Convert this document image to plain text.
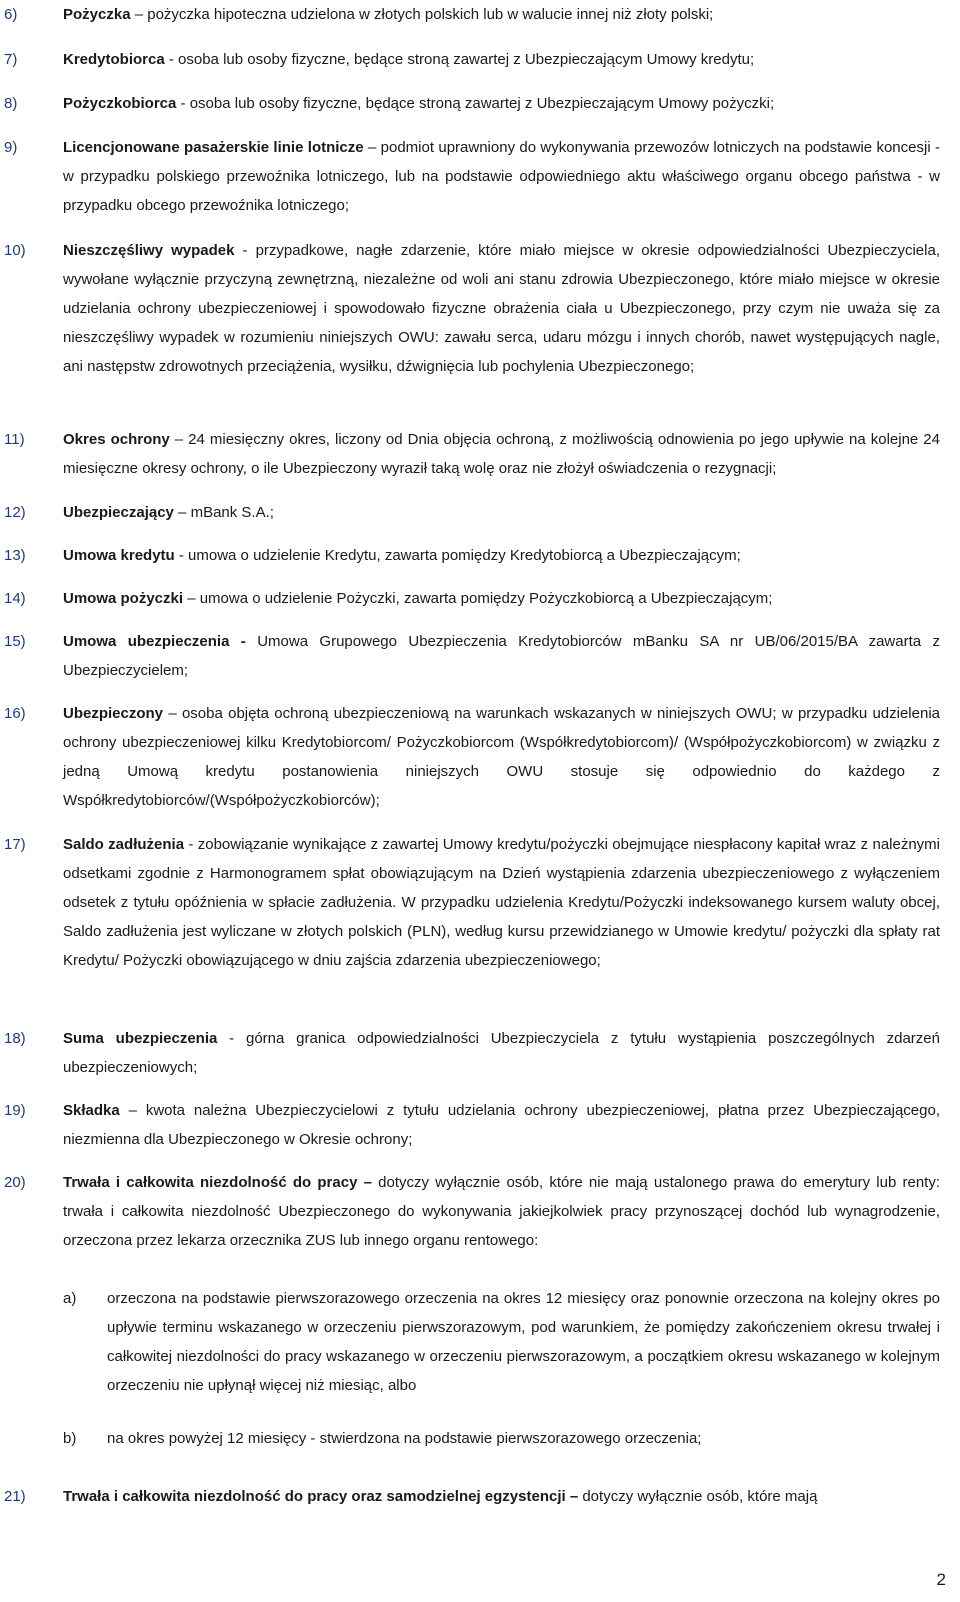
6)	Pożyczka – pożyczka hipoteczna udzielona w złotych polskich lub w walucie innej niż złoty polski;
7)	Kredytobiorca - osoba lub osoby fizyczne, będące stroną zawartej z Ubezpieczającym Umowy kredytu;
8)	Pożyczkobiorca - osoba lub osoby fizyczne, będące stroną zawartej z Ubezpieczającym Umowy pożyczki;
9)	Licencjonowane pasażerskie linie lotnicze – podmiot uprawniony do wykonywania przewozów lotniczych na podstawie koncesji - w przypadku polskiego przewoźnika lotniczego, lub na podstawie odpowiedniego aktu właściwego organu obcego państwa - w przypadku obcego przewoźnika lotniczego;
10) Nieszczęśliwy wypadek - przypadkowe, nagłe zdarzenie, które miało miejsce w okresie odpowiedzialności Ubezpieczyciela, wywołane wyłącznie przyczyną zewnętrzną, niezależne od woli ani stanu zdrowia Ubezpieczonego, które miało miejsce w okresie udzielania ochrony ubezpieczeniowej i spowodowało fizyczne obrażenia ciała u Ubezpieczonego, przy czym nie uważa się za nieszczęśliwy wypadek w rozumieniu niniejszych OWU: zawału serca, udaru mózgu i innych chorób, nawet występujących nagle, ani następstw zdrowotnych przeciążenia, wysiłku, dźwignięcia lub pochylenia Ubezpieczonego;
11)	Okres ochrony – 24 miesięczny okres, liczony od Dnia objęcia ochroną, z możliwością odnowienia po jego upływie na kolejne 24 miesięczne okresy ochrony, o ile Ubezpieczony wyraził taką wolę oraz nie złożył oświadczenia o rezygnacji;
12) Ubezpieczający – mBank S.A.;
13) Umowa kredytu - umowa o udzielenie Kredytu, zawarta pomiędzy Kredytobiorcą a Ubezpieczającym;
14) Umowa pożyczki – umowa o udzielenie Pożyczki, zawarta pomiędzy Pożyczkobiorcą a Ubezpieczającym;
15) Umowa ubezpieczenia - Umowa Grupowego Ubezpieczenia Kredytobiorców mBanku SA nr UB/06/2015/BA zawarta z Ubezpieczycielem;
16) Ubezpieczony – osoba objęta ochroną ubezpieczeniową na warunkach wskazanych w niniejszych OWU; w przypadku udzielenia ochrony ubezpieczeniowej kilku Kredytobiorcom/ Pożyczkobiorcom (Współkredytobiorcom)/ (Współpożyczkobiorcom) w związku z jedną Umową kredytu postanowienia niniejszych OWU stosuje się odpowiednio do każdego z Współkredytobiorców/(Współpożyczkobiorców);
17) Saldo zadłużenia - zobowiązanie wynikające z zawartej Umowy kredytu/pożyczki obejmujące niespłacony kapitał wraz z należnymi odsetkami zgodnie z Harmonogramem spłat obowiązującym na Dzień wystąpienia zdarzenia ubezpieczeniowego z wyłączeniem odsetek z tytułu opóźnienia w spłacie zadłużenia. W przypadku udzielenia Kredytu/Pożyczki indeksowanego kursem waluty obcej, Saldo zadłużenia jest wyliczane w złotych polskich (PLN), według kursu przewidzianego w Umowie kredytu/ pożyczki dla spłaty rat Kredytu/ Pożyczki obowiązującego w dniu zajścia zdarzenia ubezpieczeniowego;
18) Suma ubezpieczenia - górna granica odpowiedzialności Ubezpieczyciela z tytułu wystąpienia poszczególnych zdarzeń ubezpieczeniowych;
19) Składka – kwota należna Ubezpieczycielowi z tytułu udzielania ochrony ubezpieczeniowej, płatna przez Ubezpieczającego, niezmienna dla Ubezpieczonego w Okresie ochrony;
20) Trwała i całkowita niezdolność do pracy – dotyczy wyłącznie osób, które nie mają ustalonego prawa do emerytury lub renty: trwała i całkowita niezdolność Ubezpieczonego do wykonywania jakiejkolwiek pracy przynoszącej dochód lub wynagrodzenie, orzeczona przez lekarza orzecznika ZUS lub innego organu rentowego:
a) orzeczona na podstawie pierwszorazowego orzeczenia na okres 12 miesięcy oraz ponownie orzeczona na kolejny okres po upływie terminu wskazanego w orzeczeniu pierwszorazowym, pod warunkiem, że pomiędzy zakończeniem okresu trwałej i całkowitej niezdolności do pracy wskazanego w orzeczeniu pierwszorazowym, a początkiem okresu wskazanego w kolejnym orzeczeniu nie upłynął więcej niż miesiąc, albo
b) na okres powyżej 12 miesięcy - stwierdzona na podstawie pierwszorazowego orzeczenia;
21) Trwała i całkowita niezdolność do pracy oraz samodzielnej egzystencji – dotyczy wyłącznie osób, które mają
2
